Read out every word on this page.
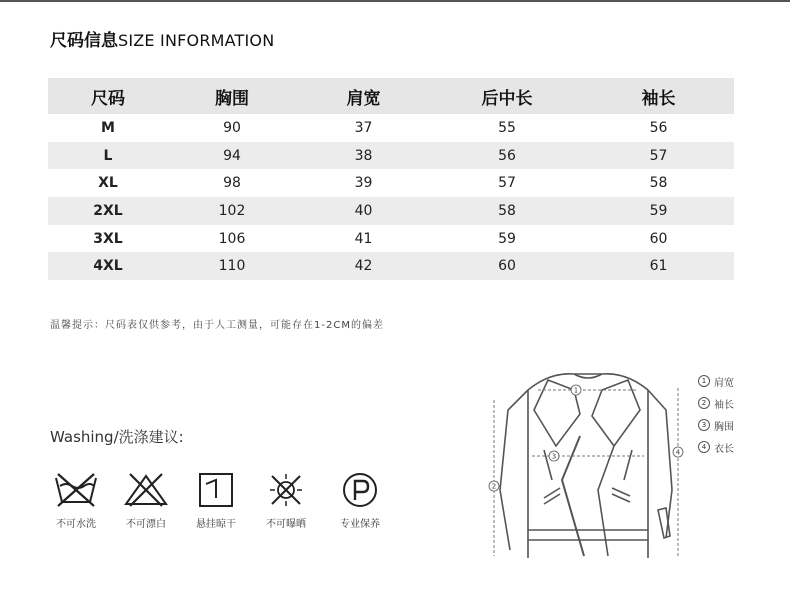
尺码信息SIZE INFORMATION
尺码	胸围	肩宽	后中长	袖长
M	90	37	55	56
L	94	38	56	57
XL	98	39	57	58
2XL	102	40	58	59
3XL	106	41	59	60
4XL	110	42	60	61
温馨提示：尺码表仅供参考，由于人工测量，可能存在1-2CM的偏差
Washing/洗涤建议:
不可水洗	不可漂白	悬挂晾干	不可曝晒	专业保养
1
2
3	4
1 肩宽
2 袖长
3 胸围
4 衣长
